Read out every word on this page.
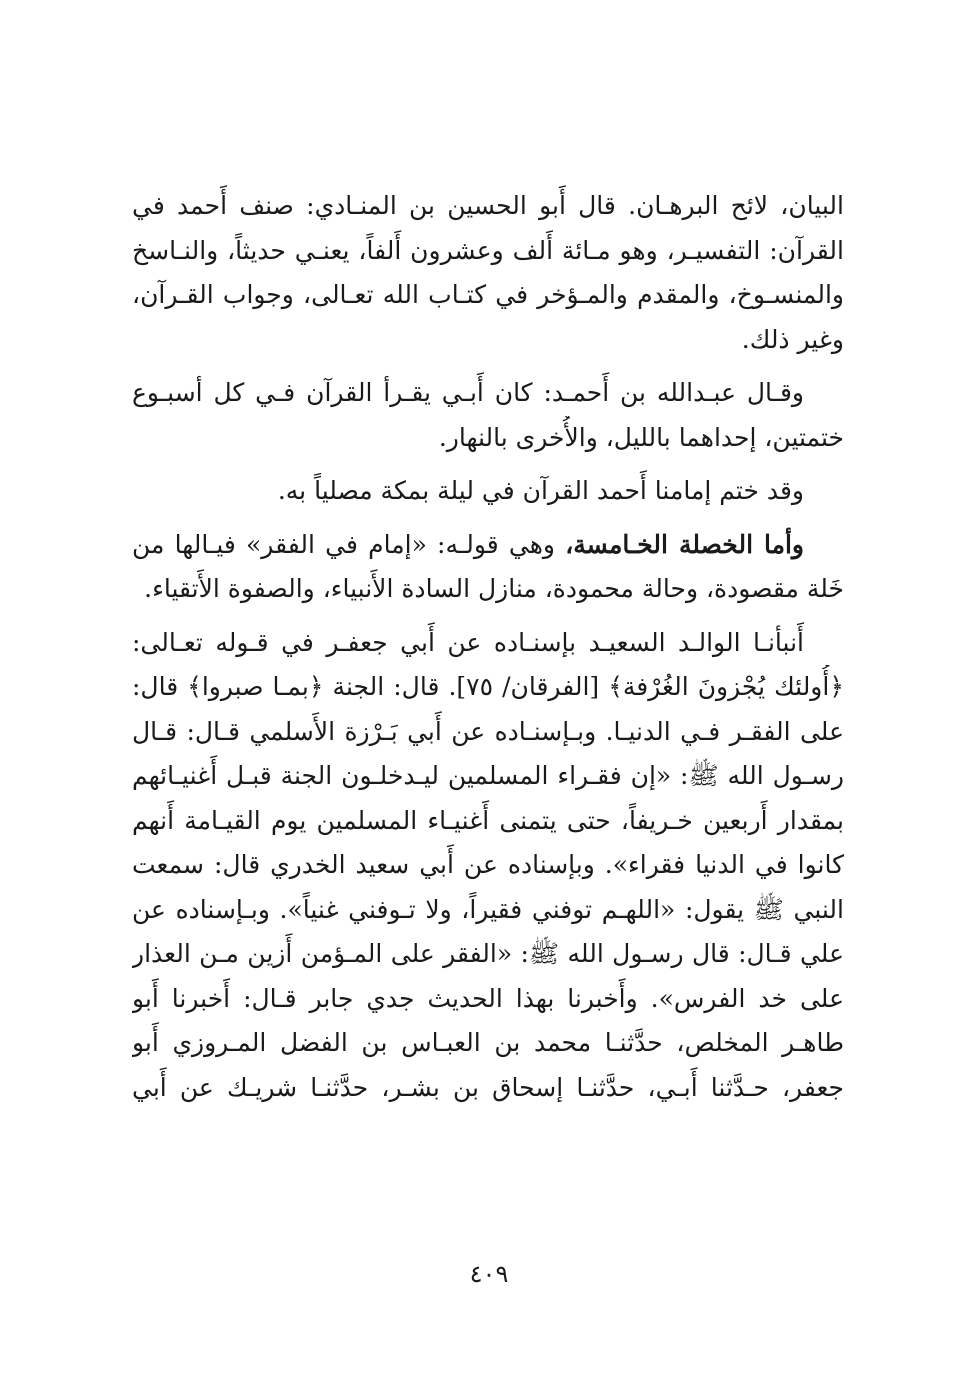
البيان، لائح البرهـان. قال أَبو الحسين بن المنـادي: صنف أَحمد في
القرآن: التفسيـر، وهو مـائة أَلف وعشرون أَلفاً، يعنـي حديثاً، والنـاسخ
والمنسـوخ، والمقدم والمـؤخر في كتـاب الله تعـالى، وجواب القـرآن،
وغير ذلك.
وقـال عبـدالله بن أَحمـد: كان أَبـي يقـرأ القرآن فـي كل أسبـوع
ختمتين، إحداهما بالليل، والأُخرى بالنهار.
وقد ختم إمامنا أَحمد القرآن في ليلة بمكة مصلياً به.
وأما الخصلة الخـامسة، وهي قولـه: «إمام في الفقر» فيـالها من
خَلة مقصودة، وحالة محمودة، منازل السادة الأَنبياء، والصفوة الأَتقياء.
أَنبأنـا الوالـد السعيـد بإسنـاده عن أَبي جعفـر في قـوله تعـالى:
﴿أُولئك يُجْزونَ الغُرْفة﴾ [الفرقان/ ٧٥]. قال: الجنة ﴿بمـا صبروا﴾ قال:
على الفقـر فـي الدنيـا. وبـإسنـاده عن أَبي بَـرْزة الأَسلمي قـال: قـال
رسـول الله ﷺ: «إن فقـراء المسلمين ليـدخلـون الجنة قبـل أَغنيـائهم
بمقدار أَربعين خـريفاً، حتى يتمنى أَغنيـاء المسلمين يوم القيـامة أَنهم
كانوا في الدنيا فقراء». وبإسناده عن أَبي سعيد الخدري قال: سمعت
النبي ﷺ يقول: «اللهـم توفني فقيراً، ولا تـوفني غنياً». وبـإسناده عن
علي قـال: قال رسـول الله ﷺ: «الفقر على المـؤمن أَزين مـن العذار
على خد الفرس». وأَخبرنا بهذا الحديث جدي جابر قـال: أَخبرنا أَبو
طاهـر المخلص، حدَّثنـا محمد بن العبـاس بن الفضل المـروزي أَبو
جعفر، حـدَّثنا أَبـي، حدَّثنـا إسحاق بن بشـر، حدَّثنـا شريـك عن أَبي
٤٠٩
